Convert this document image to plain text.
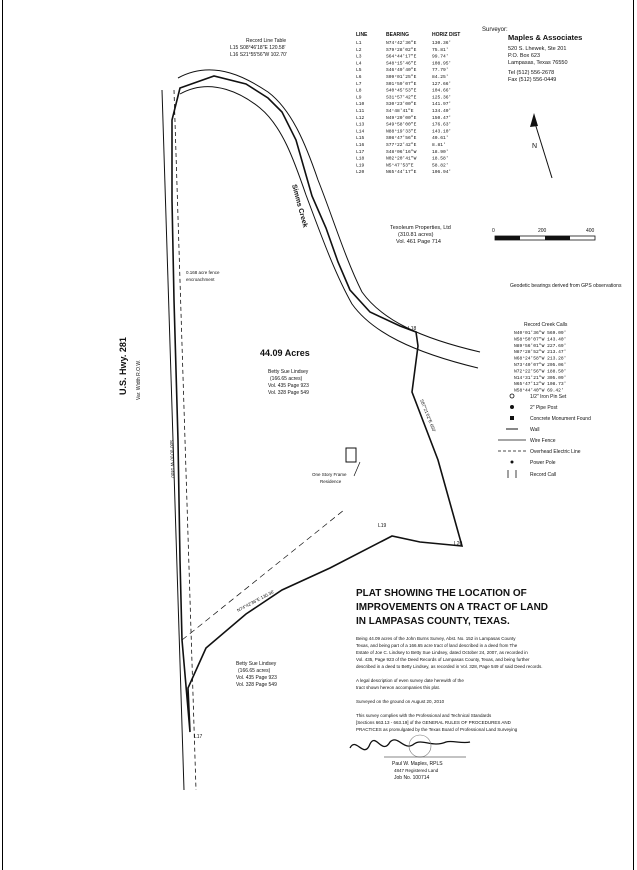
Surveyor:
Maples & Associates
520 S. Lhewek, Ste 201
P.O. Box 623
Lampasas, Texas 76550
Tel (512) 556-2678
Fax (512) 556-0449
Record Line Table
L15 S08°46'18"E 120.58'
L16 S21°55'56"W 102.70'
LINE	BEARING	HORIZ DIST
L1	N74°42'36"E	130.36'
L2	S79°28'02"E	75.81'
L3	S64°44'17"E	99.74'
L4	S48°15'46"E	108.95'
L5	S46°49'40"E	77.79'
L6	S09°01'25"E	84.25'
L7	S01°59'07"E	127.66'
L8	S40°45'53"E	104.66'
L9	S31°57'42"E	125.36'
L10	S30°23'00"E	141.97'
L11	S4°48'41"E	134.40'
L12	N49°20'00"E	150.47'
L13	S49°58'00"E	176.63'
L14	N88°19'33"E	143.10'
L15	S08°47'56"E	40.61'
L16	S77°22'42"E	8.81'
L17	S48°06'16"W	18.90'
L18	N02°20'41"W	18.58'
L19	N5°47'53"E	58.82'
L20	N65°44'17"E	106.94'
N
0	200	400
Geodetic bearings derived from GPS observations
Texoleum Properties, Ltd
(310.81 acres)
Vol. 461 Page 714
Simms Creek
U.S. Hwy. 281 Var. Width R.O.W.
44.09 Acres
Betty Sue Lindsey
(166.65 acres)
Vol. 435 Page 923
Vol. 328 Page 549
0.168 acre fence
encroachment
One Story Frame
Residence
Betty Sue Lindsey
(166.65 acres)
Vol. 435 Page 923
Vol. 328 Page 549
L17
L19
L18
L20
S00°00'00"W 1400'
N74°42'36"E 130.36'
S87°21'02"E 650'
Record Creek Calls
N40°01'36"W 569.09'
N58°50'07"W 143.40'
N89°56'01"W 227.69'
N87°28'52"W 213.47'
N68°24'58"W 213.28'
N73°40'07"W 205.06'
N72°22'56"W 188.50'
N14°31'21"W 305.09'
N65°47'12"W 108.73'
N58°44'40"W 69.42'
1/2" Iron Pin Set
2" Pipe Post
Concrete Monument Found
Wall
Wire Fence
Overhead Electric Line
Power Pole
Record Call
PLAT SHOWING THE LOCATION OF
IMPROVEMENTS ON A TRACT OF LAND
IN LAMPASAS COUNTY, TEXAS.
Being 44.09 acres of the John Burns Survey, Abst. No. 152 in Lampasas County
Texas, and being part of a 166.65 acre tract of land described in a deed from The
Estate of Joe C. Lindsey to Betty Sue Lindsey, dated October 24, 2007, as recorded in
Vol. 435, Page 923 of the Deed Records of Lampasas County, Texas, and being further
described in a deed to Betty Lindsey, as recorded in Vol. 328, Page 549 of said Deed records.
A legal description of even survey date herewith of the
tract shown hereon accompanies this plat.
Surveyed on the ground on August 20, 2010
This survey complies with the Professional and Technical Standards
[Sections 663.13 - 663.19] of the GENERAL RULES OF PROCEDURES AND
PRACTICES as promulgated by the Texas Board of Professional Land Surveying
Paul W. Maples, RPLS
4847 Registered Land
Job No. 100714
